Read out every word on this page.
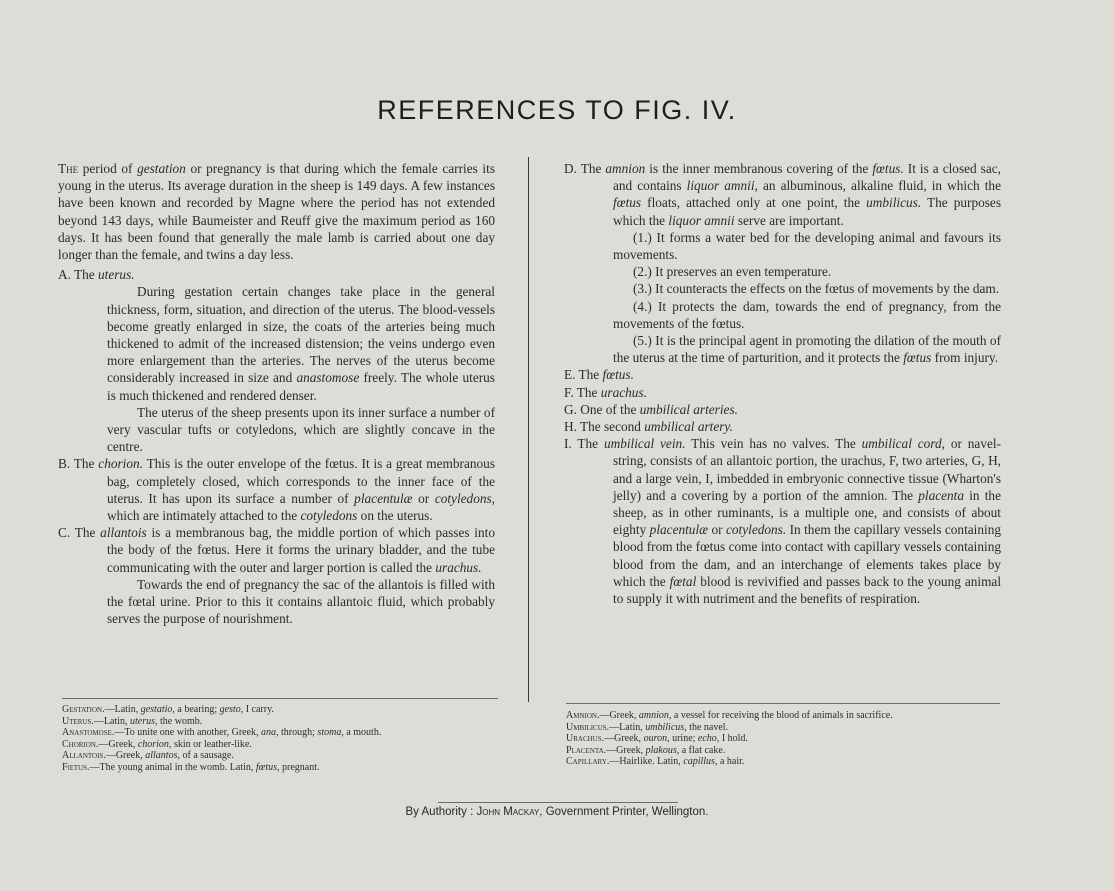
REFERENCES TO FIG. IV.

The period of gestation or pregnancy is that during which the female carries its young in the uterus. Its average duration in the sheep is 149 days. A few instances have been known and recorded by Magne where the period has not extended beyond 143 days, while Baumeister and Reuff give the maximum period as 160 days. It has been found that generally the male lamb is carried about one day longer than the female, and twins a day less.

A. The uterus.

During gestation certain changes take place in the general thickness, form, situation, and direction of the uterus. The blood-vessels become greatly enlarged in size, the coats of the arteries being much thickened to admit of the increased distension; the veins undergo even more enlargement than the arteries. The nerves of the uterus become considerably increased in size and anastomose freely. The whole uterus is much thickened and rendered denser.

The uterus of the sheep presents upon its inner surface a number of very vascular tufts or cotyledons, which are slightly concave in the centre.

B. The chorion. This is the outer envelope of the fœtus. It is a great membranous bag, completely closed, which corresponds to the inner face of the uterus. It has upon its surface a number of placentulæ or cotyledons, which are intimately attached to the cotyledons on the uterus.

C. The allantois is a membranous bag, the middle portion of which passes into the body of the fœtus. Here it forms the urinary bladder, and the tube communicating with the outer and larger portion is called the urachus.

Towards the end of pregnancy the sac of the allantois is filled with the fœtal urine. Prior to this it contains allantoic fluid, which probably serves the purpose of nourishment.

D. The amnion is the inner membranous covering of the fœtus. It is a closed sac, and contains liquor amnii, an albuminous, alkaline fluid, in which the fœtus floats, attached only at one point, the umbilicus. The purposes which the liquor amnii serve are important.

(1.) It forms a water bed for the developing animal and favours its movements.

(2.) It preserves an even temperature.

(3.) It counteracts the effects on the fœtus of movements by the dam.

(4.) It protects the dam, towards the end of pregnancy, from the movements of the fœtus.

(5.) It is the principal agent in promoting the dilation of the mouth of the uterus at the time of parturition, and it protects the fœtus from injury.

E. The fœtus.

F. The urachus.

G. One of the umbilical arteries.

H. The second umbilical artery.

I. The umbilical vein. This vein has no valves. The umbilical cord, or navel-string, consists of an allantoic portion, the urachus, F, two arteries, G, H, and a large vein, I, imbedded in embryonic connective tissue (Wharton's jelly) and a covering by a portion of the amnion. The placenta in the sheep, as in other ruminants, is a multiple one, and consists of about eighty placentulæ or cotyledons. In them the capillary vessels containing blood from the fœtus come into contact with capillary vessels containing blood from the dam, and an interchange of elements takes place by which the fœtal blood is revivified and passes back to the young animal to supply it with nutriment and the benefits of respiration.

Gestation.—Latin, gestatio, a bearing; gesto, I carry.
Uterus.—Latin, uterus, the womb.
Anastomose.—To unite one with another, Greek, ana, through; stoma, a mouth.
Chorion.—Greek, chorion, skin or leather-like.
Allantois.—Greek, allantos, of a sausage.
Fœtus.—The young animal in the womb. Latin, fœtus, pregnant.
Amnion.—Greek, amnion, a vessel for receiving the blood of animals in sacrifice.
Umbilicus.—Latin, umbilicus, the navel.
Urachus.—Greek, ouron, urine; echo, I hold.
Placenta.—Greek, plakous, a flat cake.
Capillary.—Hairlike. Latin, capillus, a hair.
By Authority : John Mackay, Government Printer, Wellington.
